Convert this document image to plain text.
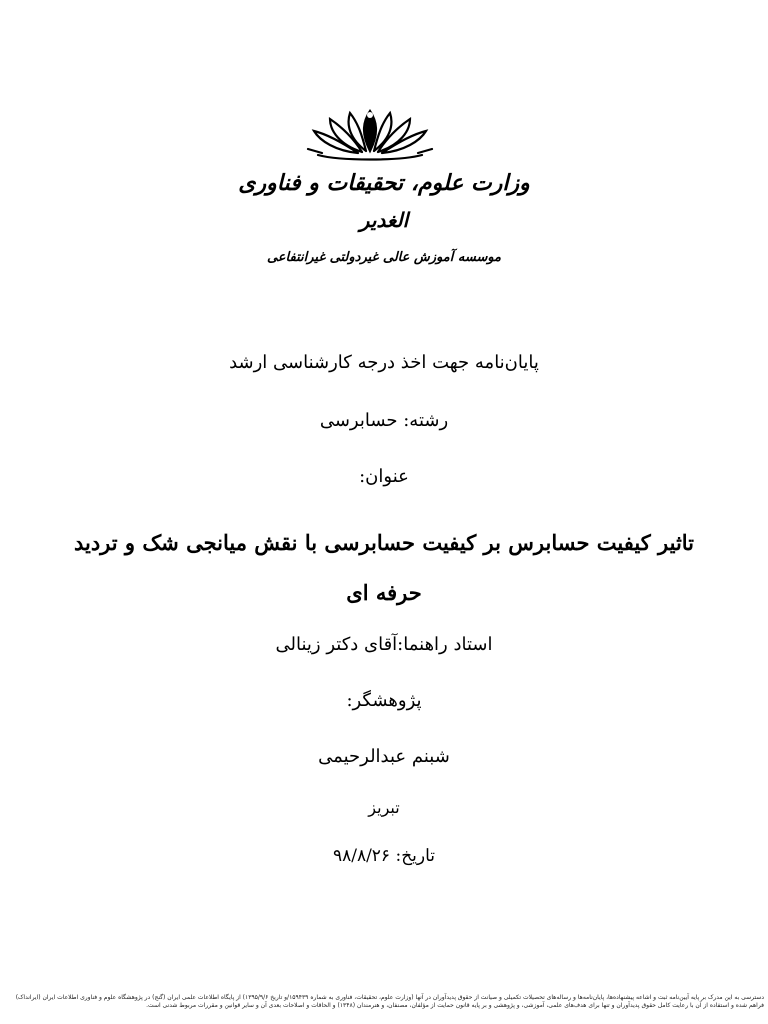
وزارت علوم، تحقیقات و فناوری
الغدیر
موسسه آموزش عالی غیردولتی غیرانتفاعی
پایان‌نامه جهت اخذ درجه کارشناسی ارشد
رشته: حسابرسی
عنوان:
تاثیر کیفیت حسابرس بر کیفیت حسابرسی با نقش میانجی شک و تردید حرفه ای
استاد راهنما:آقای دکتر زینالی
پژوهشگر:
شبنم عبدالرحیمی
تبریز
تاریخ: ۹۸/۸/۲۶
دسترسی به این مدرک بر پایه آیین‌نامه ثبت و اشاعه پیشنهاده‌ها، پایان‌نامه‌ها و رساله‌های تحصیلات تکمیلی و صیانت از حقوق پدیدآوران در آنها (وزارت علوم، تحقیقات، فناوری به شماره ۱۵۹۴۳۹/و تاریخ ۱۳۹۵/۹/۶) از پایگاه اطلاعات علمی ایران (گنج) در پژوهشگاه علوم و فناوری اطلاعات ایران (ایرانداک) فراهم شده و استفاده از آن با رعایت کامل حقوق پدیدآوران و تنها برای هدف‌های علمی، آموزشی، و پژوهشی و بر پایه قانون حمایت از مؤلفان، مصنفان، و هنرمندان (۱۳۴۸) و الحاقات و اصلاحات بعدی آن و سایر قوانین و مقررات مربوط شدنی است.
